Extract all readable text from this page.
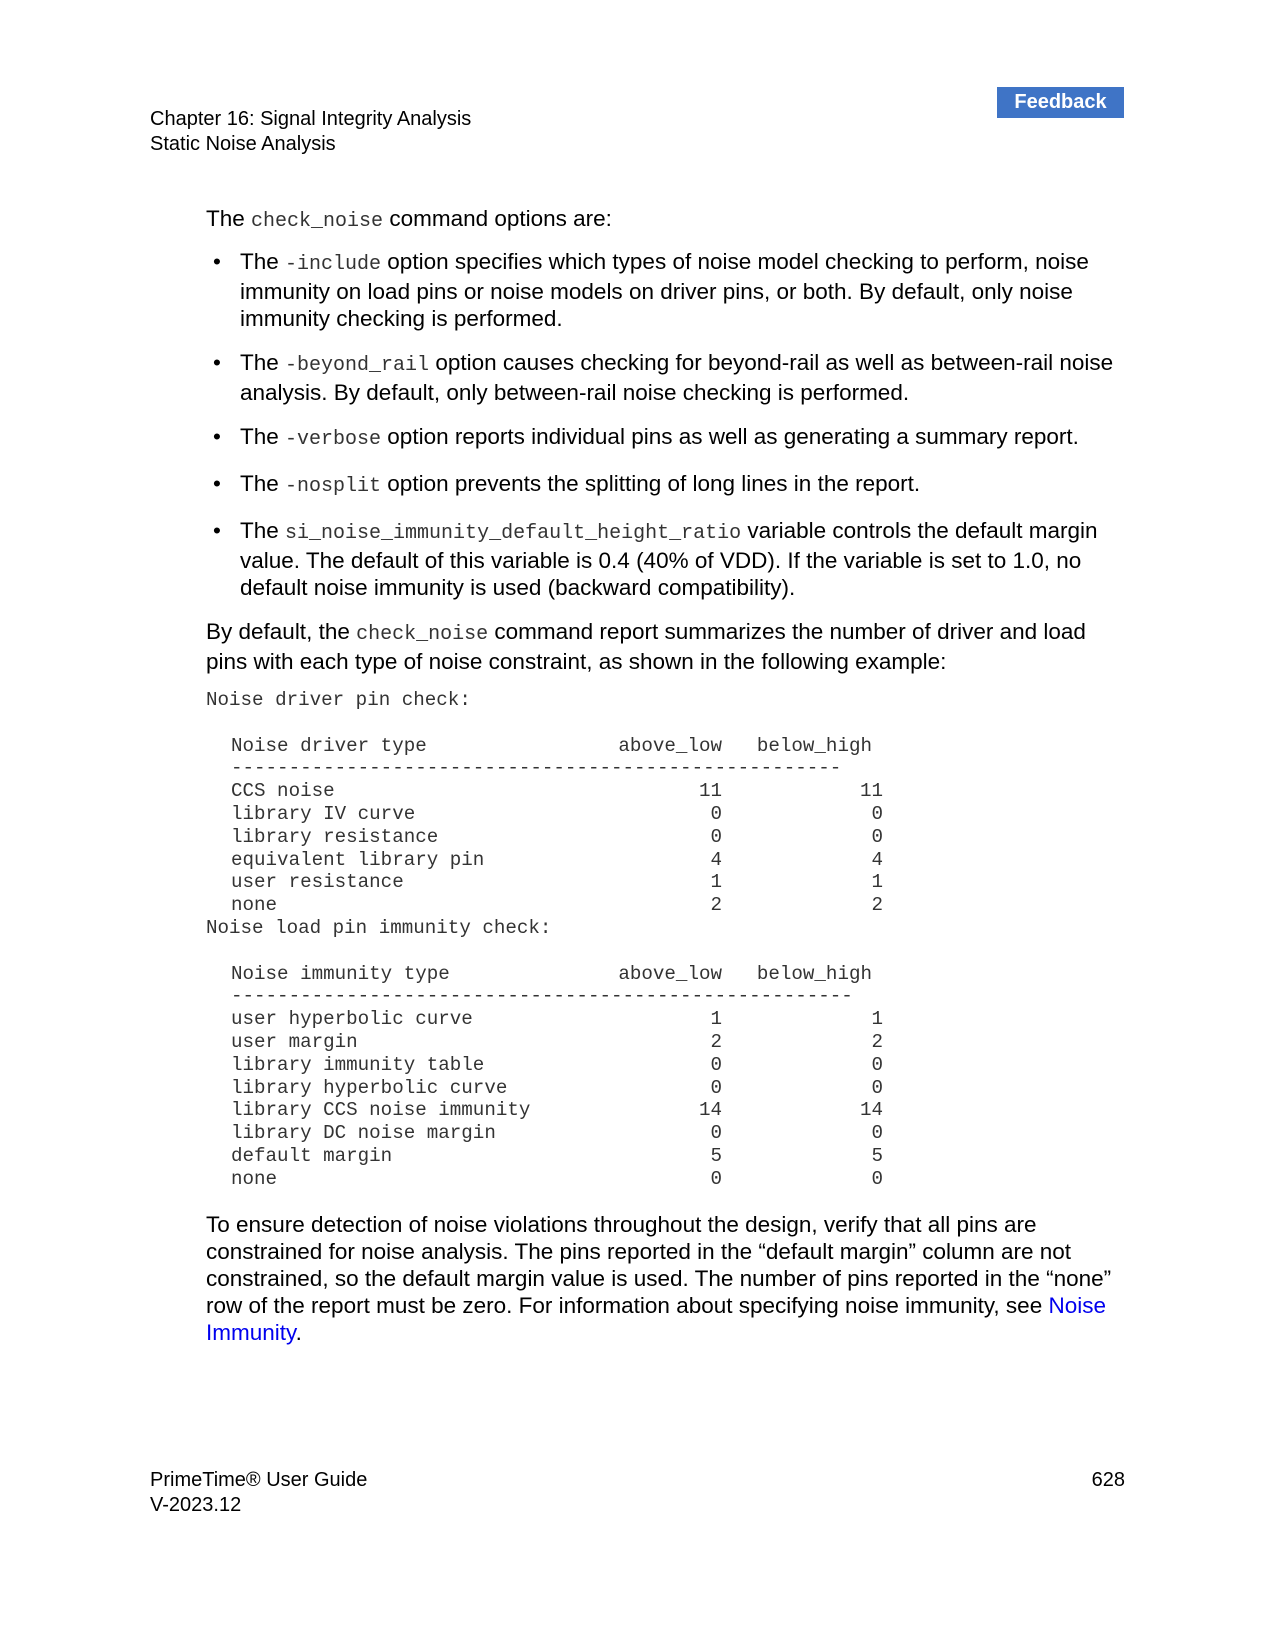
Chapter 16: Signal Integrity Analysis
Static Noise Analysis
Feedback

The check_noise command options are:

• The -include option specifies which types of noise model checking to perform, noise immunity on load pins or noise models on driver pins, or both. By default, only noise immunity checking is performed.
• The -beyond_rail option causes checking for beyond-rail as well as between-rail noise analysis. By default, only between-rail noise checking is performed.
• The -verbose option reports individual pins as well as generating a summary report.
• The -nosplit option prevents the splitting of long lines in the report.
• The si_noise_immunity_default_height_ratio variable controls the default margin value. The default of this variable is 0.4 (40% of VDD). If the variable is set to 1.0, no default noise immunity is used (backward compatibility).

By default, the check_noise command report summarizes the number of driver and load pins with each type of noise constraint, as shown in the following example:

Noise driver pin check:
Noise driver type	above_low	below_high
-----------------------------------------------------
CCS noise	11	11
library IV curve	0	0
library resistance	0	0
equivalent library pin	4	4
user resistance	1	1
none	2	2
Noise load pin immunity check:
Noise immunity type	above_low	below_high
------------------------------------------------------
user hyperbolic curve	1	1
user margin	2	2
library immunity table	0	0
library hyperbolic curve	0	0
library CCS noise immunity	14	14
library DC noise margin	0	0
default margin	5	5
none	0	0

To ensure detection of noise violations throughout the design, verify that all pins are constrained for noise analysis. The pins reported in the “default margin” column are not constrained, so the default margin value is used. The number of pins reported in the “none” row of the report must be zero. For information about specifying noise immunity, see Noise Immunity.

PrimeTime® User Guide
V-2023.12
628
